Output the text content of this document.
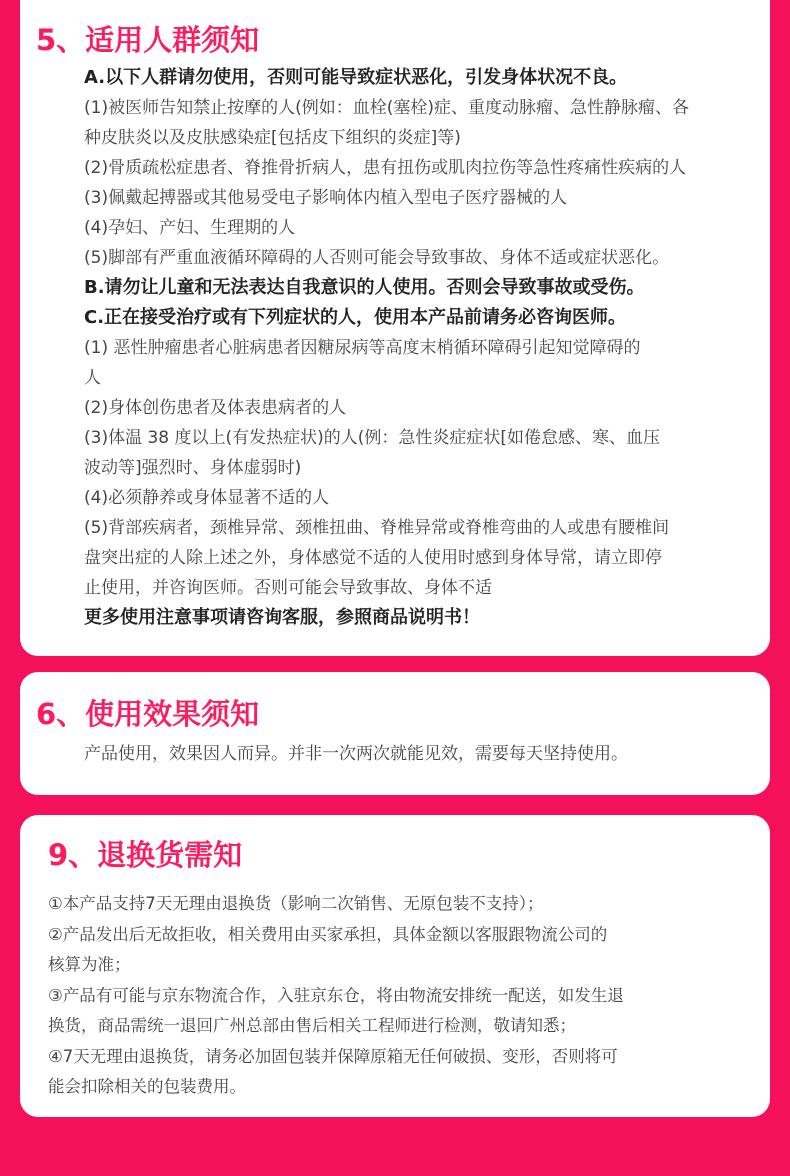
5、适用人群须知

A.以下人群请勿使用，否则可能导致症状恶化，引发身体状况不良。

(1)被医师告知禁止按摩的人(例如：血栓(塞栓)症、重度动脉瘤、急性静脉瘤、各

种皮肤炎以及皮肤感染症[包括皮下组织的炎症]等)

(2)骨质疏松症患者、脊推骨折病人，患有扭伤或肌肉拉伤等急性疼痛性疾病的人

(3)佩戴起搏器或其他易受电子影响体内植入型电子医疗器械的人

(4)孕妇、产妇、生理期的人

(5)脚部有严重血液循环障碍的人否则可能会导致事故、身体不适或症状恶化。

B.请勿让儿童和无法表达自我意识的人使用。否则会导致事故或受伤。

C.正在接受治疗或有下列症状的人，使用本产品前请务必咨询医师。

(1) 恶性肿瘤患者心脏病患者因糖尿病等高度末梢循环障碍引起知觉障碍的

人

(2)身体创伤患者及体表患病者的人

(3)体温 38 度以上(有发热症状)的人(例：急性炎症症状[如倦怠感、寒、血压

波动等]强烈时、身体虚弱时)

(4)必须静养或身体显著不适的人

(5)背部疾病者，颈椎异常、颈椎扭曲、脊椎异常或脊椎弯曲的人或患有腰椎间

盘突出症的人除上述之外，身体感觉不适的人使用时感到身体导常，请立即停

止使用，并咨询医师。否则可能会导致事故、身体不适

更多使用注意事项请咨询客服，参照商品说明书！

6、使用效果须知

产品使用，效果因人而异。并非一次两次就能见效，需要每天坚持使用。

9、退换货需知

①本产品支持7天无理由退换货（影响二次销售、无原包装不支持）；

②产品发出后无故拒收，相关费用由买家承担，具体金额以客服跟物流公司的

核算为准；

③产品有可能与京东物流合作，入驻京东仓，将由物流安排统一配送，如发生退

换货，商品需统一退回广州总部由售后相关工程师进行检测，敬请知悉；

④7天无理由退换货，请务必加固包装并保障原箱无任何破损、变形，否则将可

能会扣除相关的包装费用。
